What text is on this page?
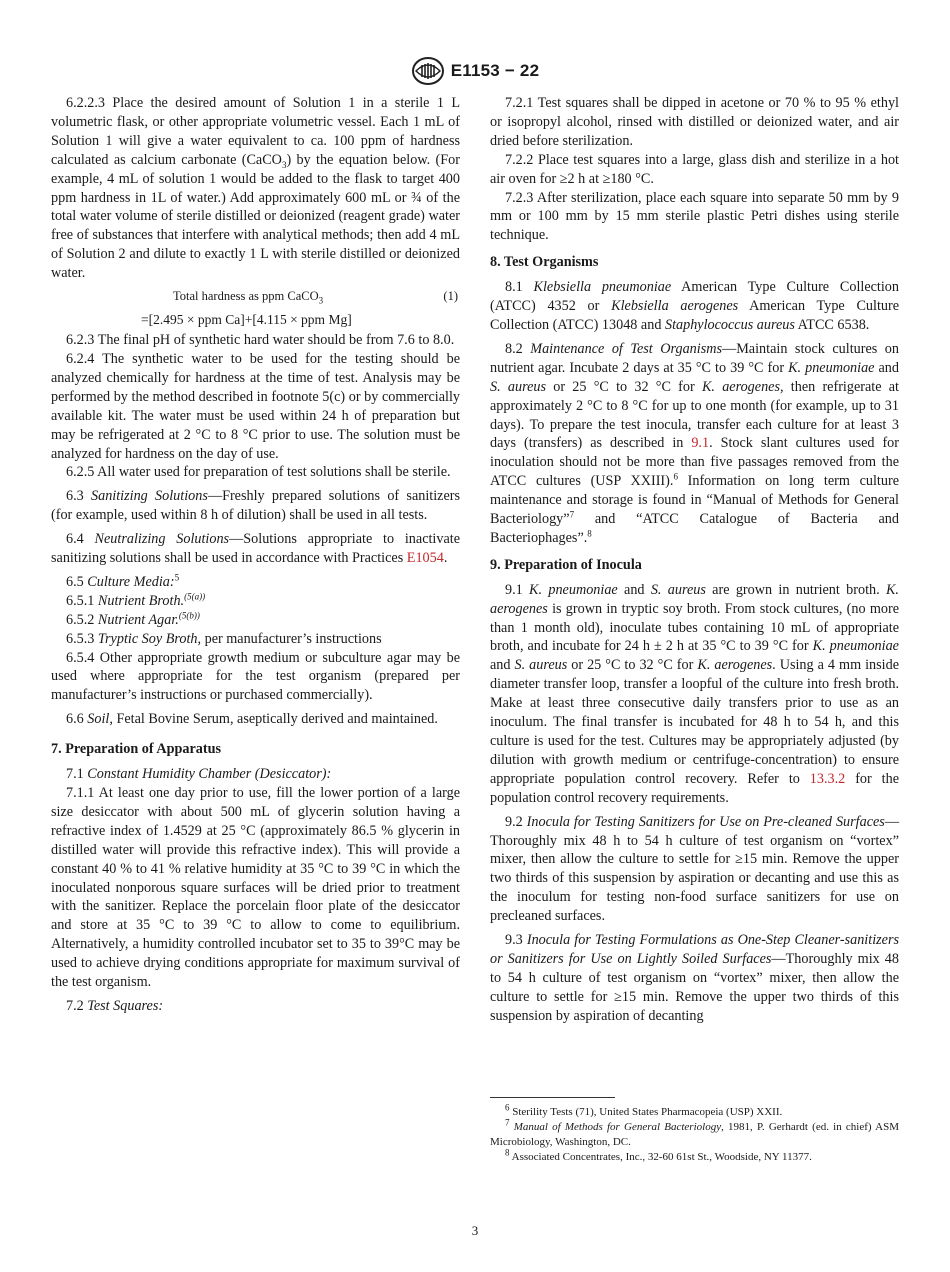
E1153 − 22

6.2.2.3 Place the desired amount of Solution 1 in a sterile 1 L volumetric flask, or other appropriate volumetric vessel. Each 1 mL of Solution 1 will give a water equivalent to ca. 100 ppm of hardness calculated as calcium carbonate (CaCO$_3$) by the equation below. (For example, 4 mL of solution 1 would be added to the flask to target 400 ppm hardness in 1L of water.) Add approximately 600 mL or ¾ of the total water volume of sterile distilled or deionized (reagent grade) water free of substances that interfere with analytical methods; then add 4 mL of Solution 2 and dilute to exactly 1 L with sterile distilled or deionized water.

Total hardness as ppm CaCO$_3$	(1)
=[2.495 × ppm Ca]+[4.115 × ppm Mg]

6.2.3 The final pH of synthetic hard water should be from 7.6 to 8.0.

6.2.4 The synthetic water to be used for the testing should be analyzed chemically for hardness at the time of test. Analysis may be performed by the method described in footnote 5(c) or by commercially available kit. The water must be used within 24 h of preparation but may be refrigerated at 2 °C to 8 °C prior to use. The solution must be analyzed for hardness on the day of use.

6.2.5 All water used for preparation of test solutions shall be sterile.

6.3 Sanitizing Solutions—Freshly prepared solutions of sanitizers (for example, used within 8 h of dilution) shall be used in all tests.

6.4 Neutralizing Solutions—Solutions appropriate to inactivate sanitizing solutions shall be used in accordance with Practices E1054.

6.5 Culture Media:$^5$

6.5.1 Nutrient Broth.$^{(5(a))}$

6.5.2 Nutrient Agar.$^{(5(b))}$

6.5.3 Tryptic Soy Broth, per manufacturer’s instructions

6.5.4 Other appropriate growth medium or subculture agar may be used where appropriate for the test organism (prepared per manufacturer’s instructions or purchased commercially).

6.6 Soil, Fetal Bovine Serum, aseptically derived and maintained.

7. Preparation of Apparatus

7.1 Constant Humidity Chamber (Desiccator):

7.1.1 At least one day prior to use, fill the lower portion of a large size desiccator with about 500 mL of glycerin solution having a refractive index of 1.4529 at 25 °C (approximately 86.5 % glycerin in distilled water will provide this refractive index). This will provide a constant 40 % to 41 % relative humidity at 35 °C to 39 °C in which the inoculated nonporous square surfaces will be dried prior to treatment with the sanitizer. Replace the porcelain floor plate of the desiccator and store at 35 °C to 39 °C to allow to come to equilibrium. Alternatively, a humidity controlled incubator set to 35 to 39°C may be used to achieve drying conditions appropriate for maximum survival of the test organism.

7.2 Test Squares:

7.2.1 Test squares shall be dipped in acetone or 70 % to 95 % ethyl or isopropyl alcohol, rinsed with distilled or deionized water, and air dried before sterilization.

7.2.2 Place test squares into a large, glass dish and sterilize in a hot air oven for ≥2 h at ≥180 °C.

7.2.3 After sterilization, place each square into separate 50 mm by 9 mm or 100 mm by 15 mm sterile plastic Petri dishes using sterile technique.

8. Test Organisms

8.1 Klebsiella pneumoniae American Type Culture Collection (ATCC) 4352 or Klebsiella aerogenes American Type Culture Collection (ATCC) 13048 and Staphylococcus aureus ATCC 6538.

8.2 Maintenance of Test Organisms—Maintain stock cultures on nutrient agar. Incubate 2 days at 35 °C to 39 °C for K. pneumoniae and S. aureus or 25 °C to 32 °C for K. aerogenes, then refrigerate at approximately 2 °C to 8 °C for up to one month (for example, up to 31 days). To prepare the test inocula, transfer each culture for at least 3 days (transfers) as described in 9.1. Stock slant cultures used for inoculation should not be more than five passages removed from the ATCC cultures (USP XXIII).$^6$ Information on long term culture maintenance and storage is found in “Manual of Methods for General Bacteriology”$^7$ and “ATCC Catalogue of Bacteria and Bacteriophages”.$^8$

9. Preparation of Inocula

9.1 K. pneumoniae and S. aureus are grown in nutrient broth. K. aerogenes is grown in tryptic soy broth. From stock cultures, (no more than 1 month old), inoculate tubes containing 10 mL of appropriate broth, and incubate for 24 h ± 2 h at 35 °C to 39 °C for K. pneumoniae and S. aureus or 25 °C to 32 °C for K. aerogenes. Using a 4 mm inside diameter transfer loop, transfer a loopful of the culture into fresh broth. Make at least three consecutive daily transfers prior to use as an inoculum. The final transfer is incubated for 48 h to 54 h, and this culture is used for the test. Cultures may be appropriately adjusted (by dilution with growth medium or centrifuge-concentration) to ensure appropriate population control recovery. Refer to 13.3.2 for the population control recovery requirements.

9.2 Inocula for Testing Sanitizers for Use on Pre-cleaned Surfaces—Thoroughly mix 48 h to 54 h culture of test organism on “vortex” mixer, then allow the culture to settle for ≥15 min. Remove the upper two thirds of this suspension by aspiration or decanting and use this as the inoculum for testing non-food surface sanitizers for use on precleaned surfaces.

9.3 Inocula for Testing Formulations as One-Step Cleaner-sanitizers or Sanitizers for Use on Lightly Soiled Surfaces—Thoroughly mix 48 to 54 h culture of test organism on “vortex” mixer, then allow the culture to settle for ≥15 min. Remove the upper two thirds of this suspension by aspiration of decanting

$^6$ Sterility Tests (71), United States Pharmacopeia (USP) XXII.

$^7$ Manual of Methods for General Bacteriology, 1981, P. Gerhardt (ed. in chief) ASM Microbiology, Washington, DC.

$^8$ Associated Concentrates, Inc., 32-60 61st St., Woodside, NY 11377.

3
